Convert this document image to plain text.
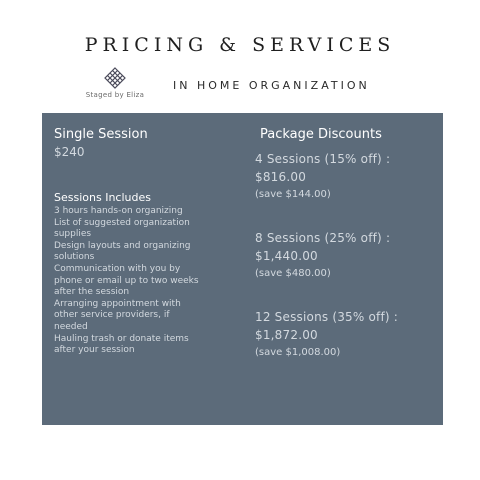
PRICING & SERVICES
Staged by Eliza
IN HOME ORGANIZATION
Single Session
$240
Sessions Includes
3 hours hands-on organizing
List of suggested organization
supplies
Design layouts and organizing
solutions
Communication with you by
phone or email up to two weeks
after the session
Arranging appointment with
other service providers, if
needed
Hauling trash or donate items
after your session
Package Discounts
4 Sessions (15% off) :
$816.00
(save $144.00)
8 Sessions (25% off) :
$1,440.00
(save $480.00)
12 Sessions (35% off) :
$1,872.00
(save $1,008.00)
